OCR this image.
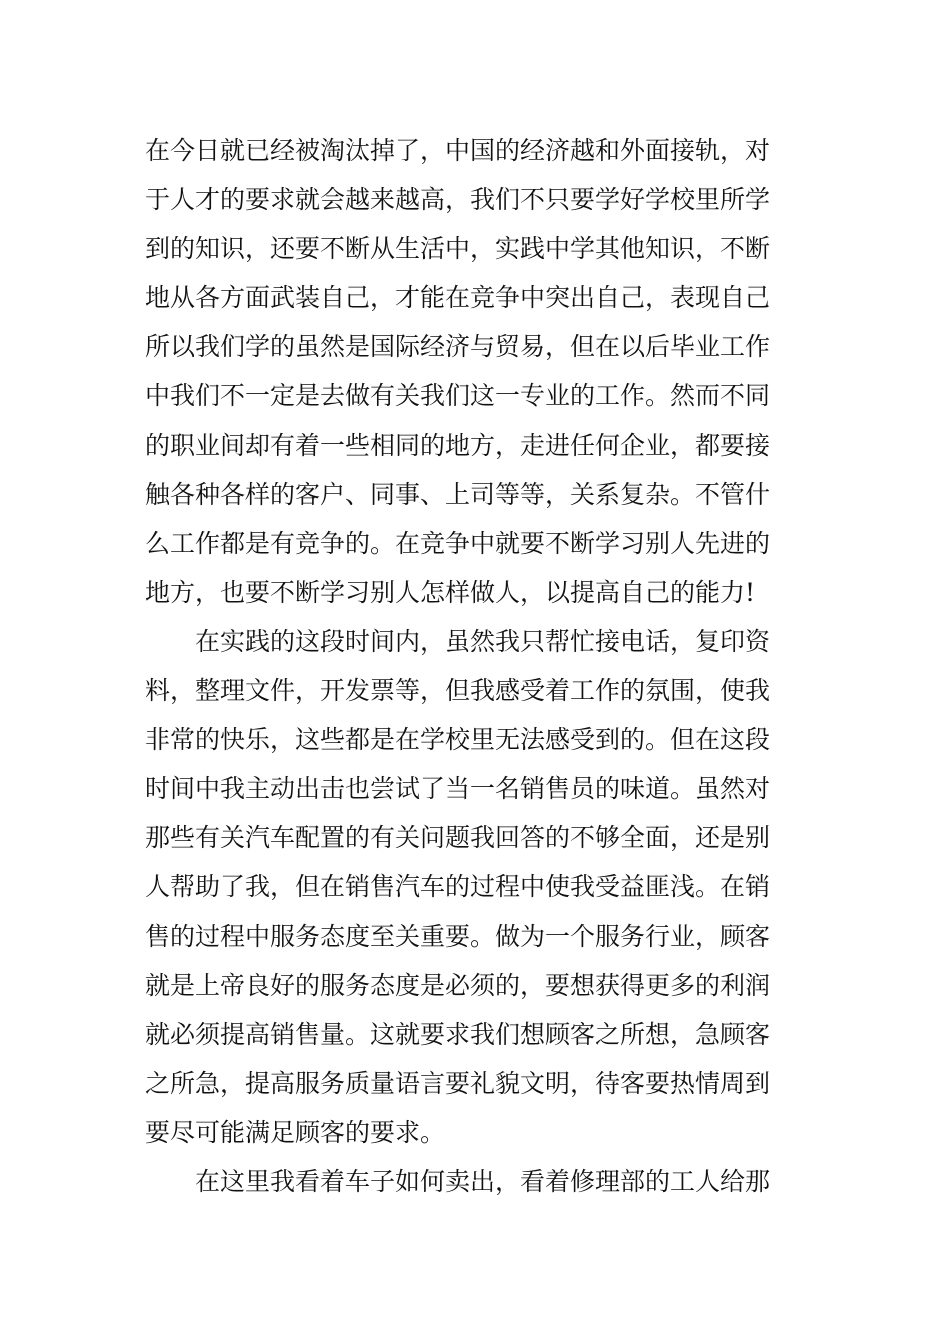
在今日就已经被淘汰掉了，中国的经济越和外面接轨，对
于人才的要求就会越来越高，我们不只要学好学校里所学
到的知识，还要不断从生活中，实践中学其他知识，不断
地从各方面武装自己，才能在竞争中突出自己，表现自己
所以我们学的虽然是国际经济与贸易，但在以后毕业工作
中我们不一定是去做有关我们这一专业的工作。然而不同
的职业间却有着一些相同的地方，走进任何企业，都要接
触各种各样的客户、同事、上司等等，关系复杂。不管什
么工作都是有竞争的。在竞争中就要不断学习别人先进的
地方，也要不断学习别人怎样做人，以提高自己的能力!
　　在实践的这段时间内，虽然我只帮忙接电话，复印资
料，整理文件，开发票等，但我感受着工作的氛围，使我
非常的快乐，这些都是在学校里无法感受到的。但在这段
时间中我主动出击也尝试了当一名销售员的味道。虽然对
那些有关汽车配置的有关问题我回答的不够全面，还是别
人帮助了我，但在销售汽车的过程中使我受益匪浅。在销
售的过程中服务态度至关重要。做为一个服务行业，顾客
就是上帝良好的服务态度是必须的，要想获得更多的利润
就必须提高销售量。这就要求我们想顾客之所想，急顾客
之所急，提高服务质量语言要礼貌文明，待客要热情周到
要尽可能满足顾客的要求。
　　在这里我看着车子如何卖出，看着修理部的工人给那
